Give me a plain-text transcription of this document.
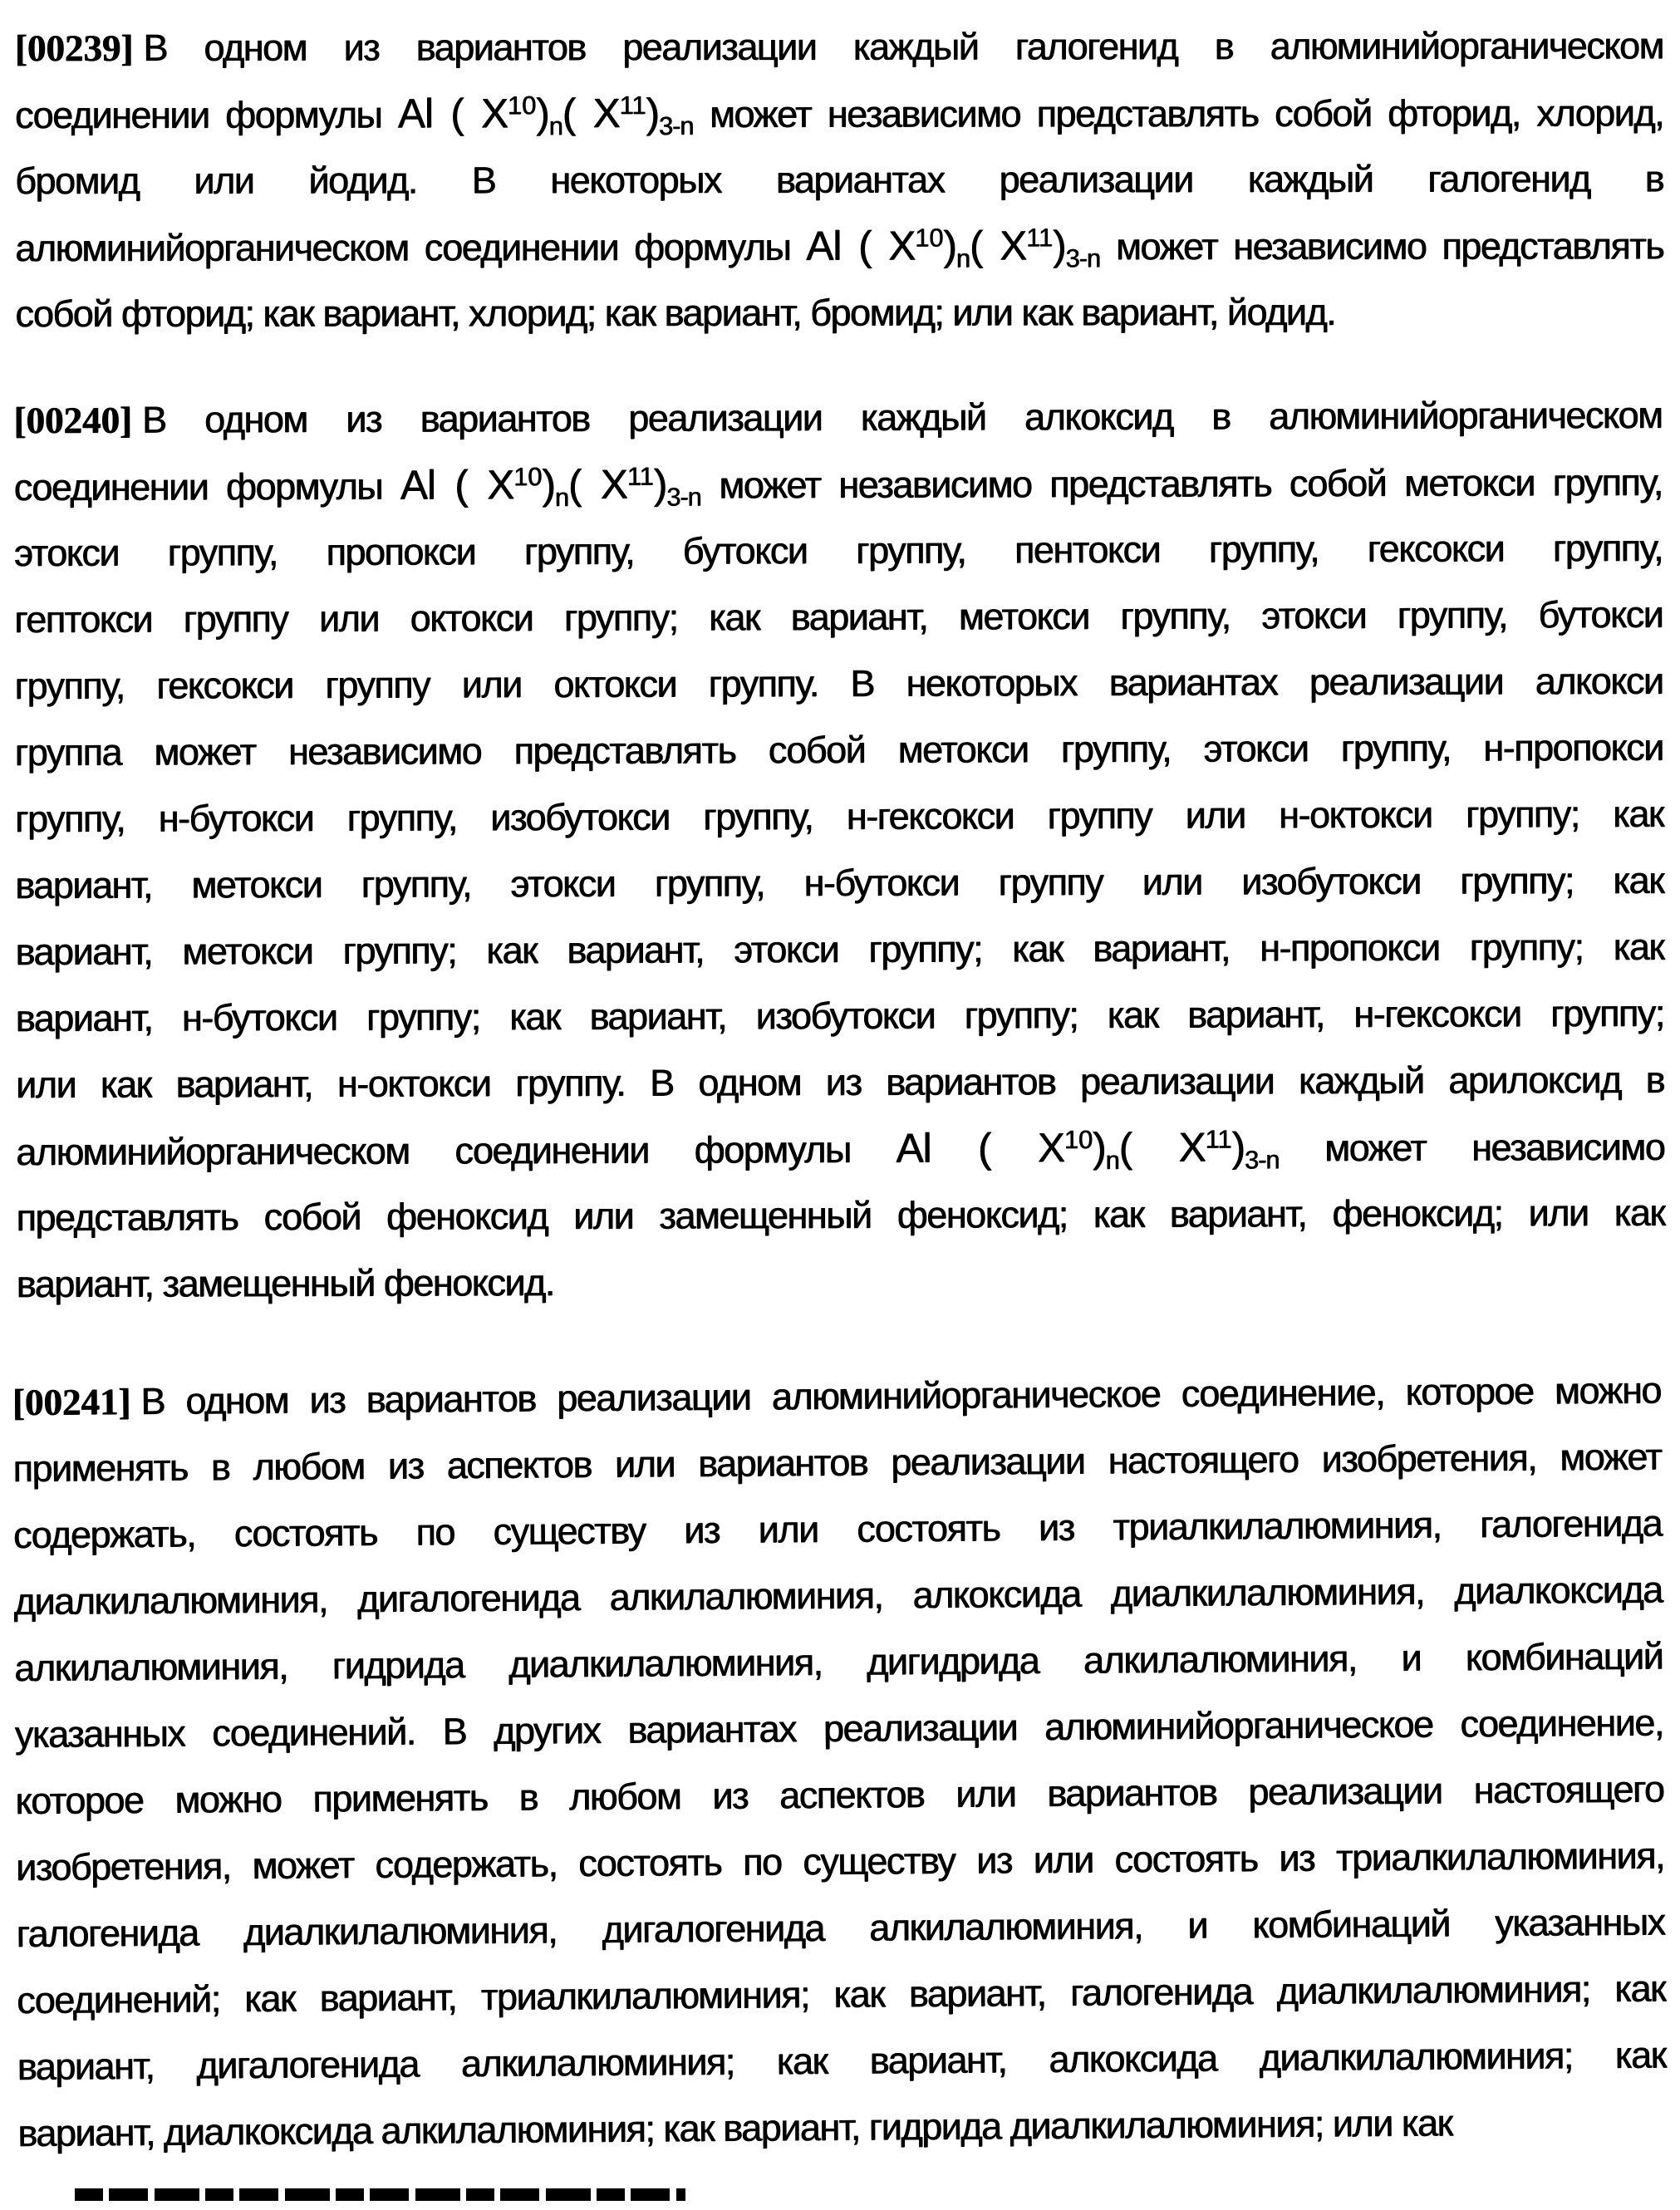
[00239] В одном из вариантов реализации каждый галогенид в алюминийорганическом
соединении формулы Al ( X10)n( X11)3-n может независимо представлять собой фторид, хлорид,
бромид или йодид. В некоторых вариантах реализации каждый галогенид в
алюминийорганическом соединении формулы Al ( X10)n( X11)3-n может независимо представлять
собой фторид; как вариант, хлорид; как вариант, бромид; или как вариант, йодид.
[00240] В одном из вариантов реализации каждый алкоксид в алюминийорганическом
соединении формулы Al ( X10)n( X11)3-n может независимо представлять собой метокси группу,
этокси группу, пропокси группу, бутокси группу, пентокси группу, гексокси группу,
гептокси группу или октокси группу; как вариант, метокси группу, этокси группу, бутокси
группу, гексокси группу или октокси группу. В некоторых вариантах реализации алкокси
группа может независимо представлять собой метокси группу, этокси группу, н-пропокси
группу, н-бутокси группу, изобутокси группу, н-гексокси группу или н-октокси группу; как
вариант, метокси группу, этокси группу, н-бутокси группу или изобутокси группу; как
вариант, метокси группу; как вариант, этокси группу; как вариант, н-пропокси группу; как
вариант, н-бутокси группу; как вариант, изобутокси группу; как вариант, н-гексокси группу;
или как вариант, н-октокси группу. В одном из вариантов реализации каждый арилоксид в
алюминийорганическом соединении формулы Al ( X10)n( X11)3-n может независимо
представлять собой феноксид или замещенный феноксид; как вариант, феноксид; или как
вариант, замещенный феноксид.
[00241] В одном из вариантов реализации алюминийорганическое соединение, которое можно
применять в любом из аспектов или вариантов реализации настоящего изобретения, может
содержать, состоять по существу из или состоять из триалкилалюминия, галогенида
диалкилалюминия, дигалогенида алкилалюминия, алкоксида диалкилалюминия, диалкоксида
алкилалюминия, гидрида диалкилалюминия, дигидрида алкилалюминия, и комбинаций
указанных соединений. В других вариантах реализации алюминийорганическое соединение,
которое можно применять в любом из аспектов или вариантов реализации настоящего
изобретения, может содержать, состоять по существу из или состоять из триалкилалюминия,
галогенида диалкилалюминия, дигалогенида алкилалюминия, и комбинаций указанных
соединений; как вариант, триалкилалюминия; как вариант, галогенида диалкилалюминия; как
вариант, дигалогенида алкилалюминия; как вариант, алкоксида диалкилалюминия; как
вариант, диалкоксида алкилалюминия; как вариант, гидрида диалкилалюминия; или как
